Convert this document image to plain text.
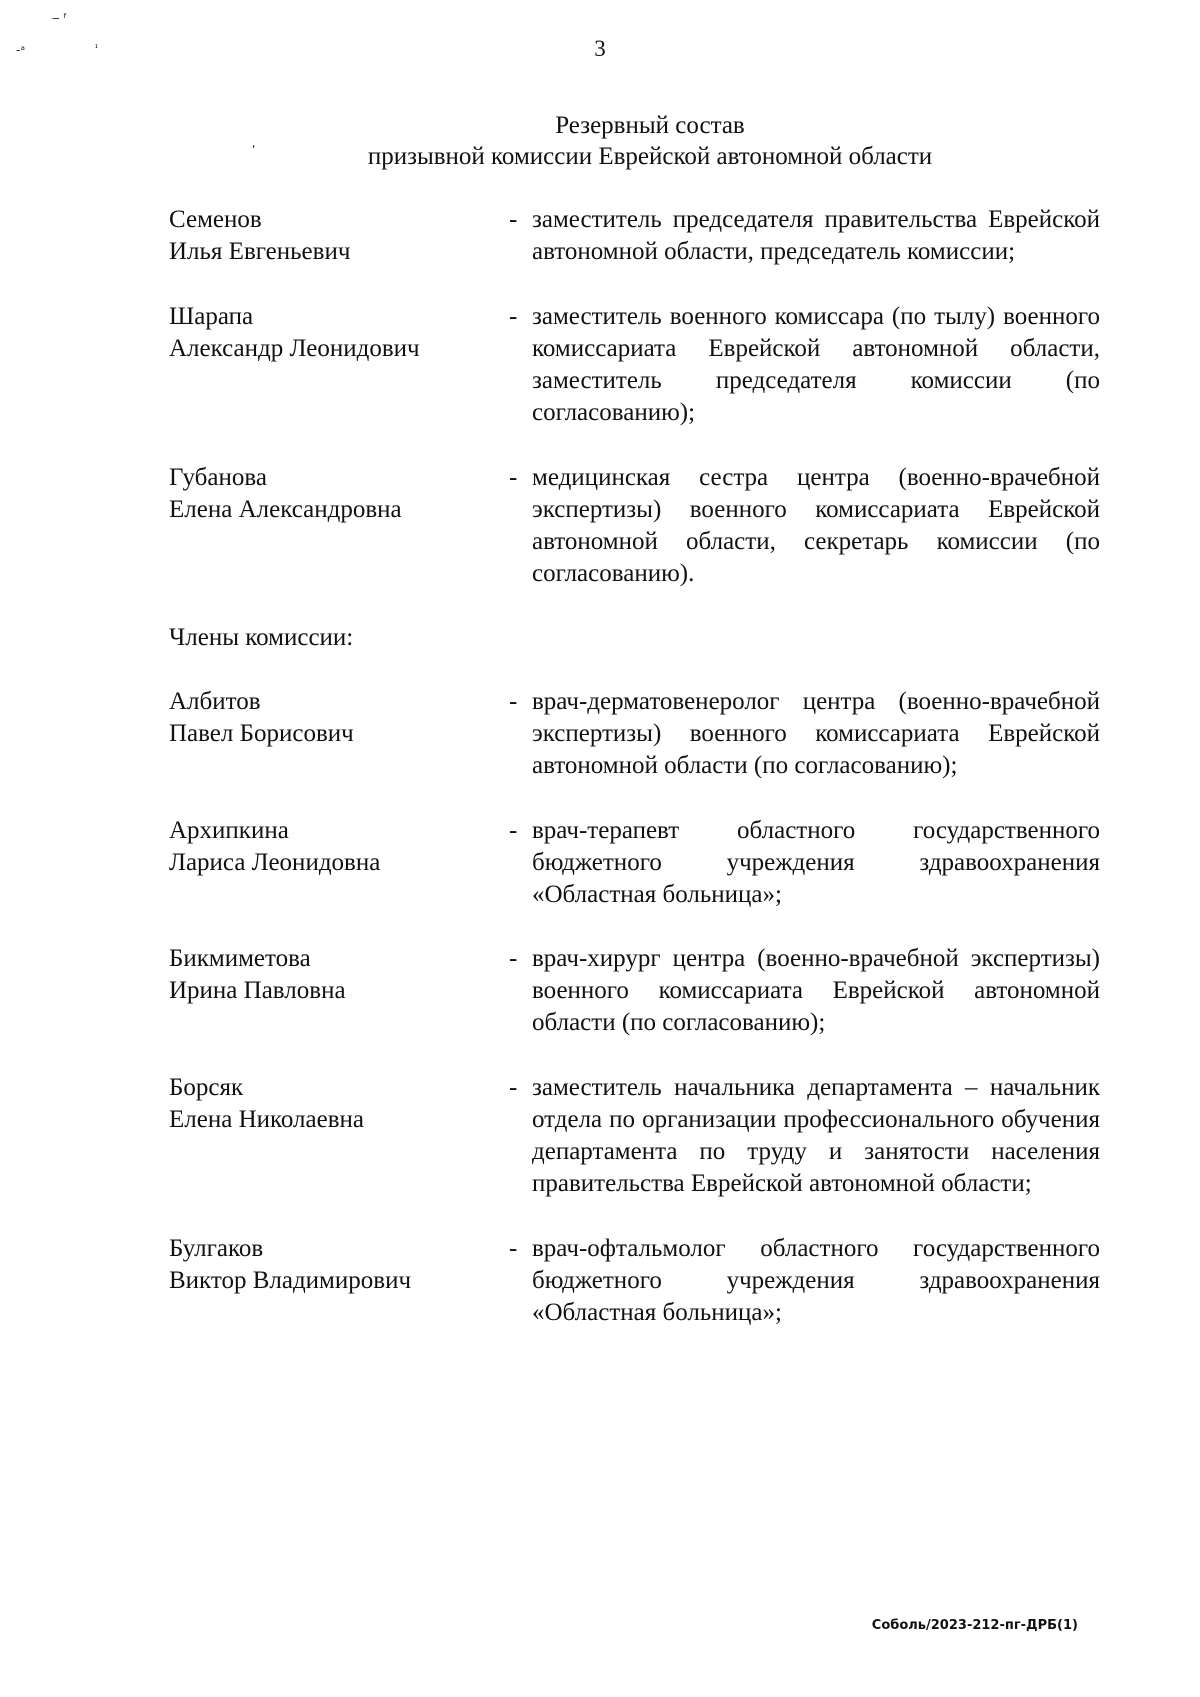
3
‒ ᶠ
‑ᵃ	ᶦ
ʹ
Резервный состав
призывной комиссии Еврейской автономной области
Семенов
Илья Евгеньевич
- заместитель председателя правительства Еврейской автономной области, председатель комиссии;
Шарапа
Александр Леонидович
- заместитель военного комиссара (по тылу) военного комиссариата Еврейской автономной области, заместитель председателя комиссии (по согласованию);
Губанова
Елена Александровна
- медицинская сестра центра (военно-врачебной экспертизы) военного комиссариата Еврейской автономной области, секретарь комиссии (по согласованию).
Члены комиссии:
Албитов
Павел Борисович
- врач-дерматовенеролог центра (военно-врачебной экспертизы) военного комиссариата Еврейской автономной области (по согласованию);
Архипкина
Лариса Леонидовна
- врач-терапевт областного государственного бюджетного учреждения здравоохранения «Областная больница»;
Бикмиметова
Ирина Павловна
- врач-хирург центра (военно-врачебной экспертизы) военного комиссариата Еврейской автономной области (по согласованию);
Борсяк
Елена Николаевна
- заместитель начальника департамента – начальник отдела по организации профессионального обучения департамента по труду и занятости населения правительства Еврейской автономной области;
Булгаков
Виктор Владимирович
- врач-офтальмолог областного государственного бюджетного учреждения здравоохранения «Областная больница»;
Соболь/2023-212-пг-ДРБ(1)
